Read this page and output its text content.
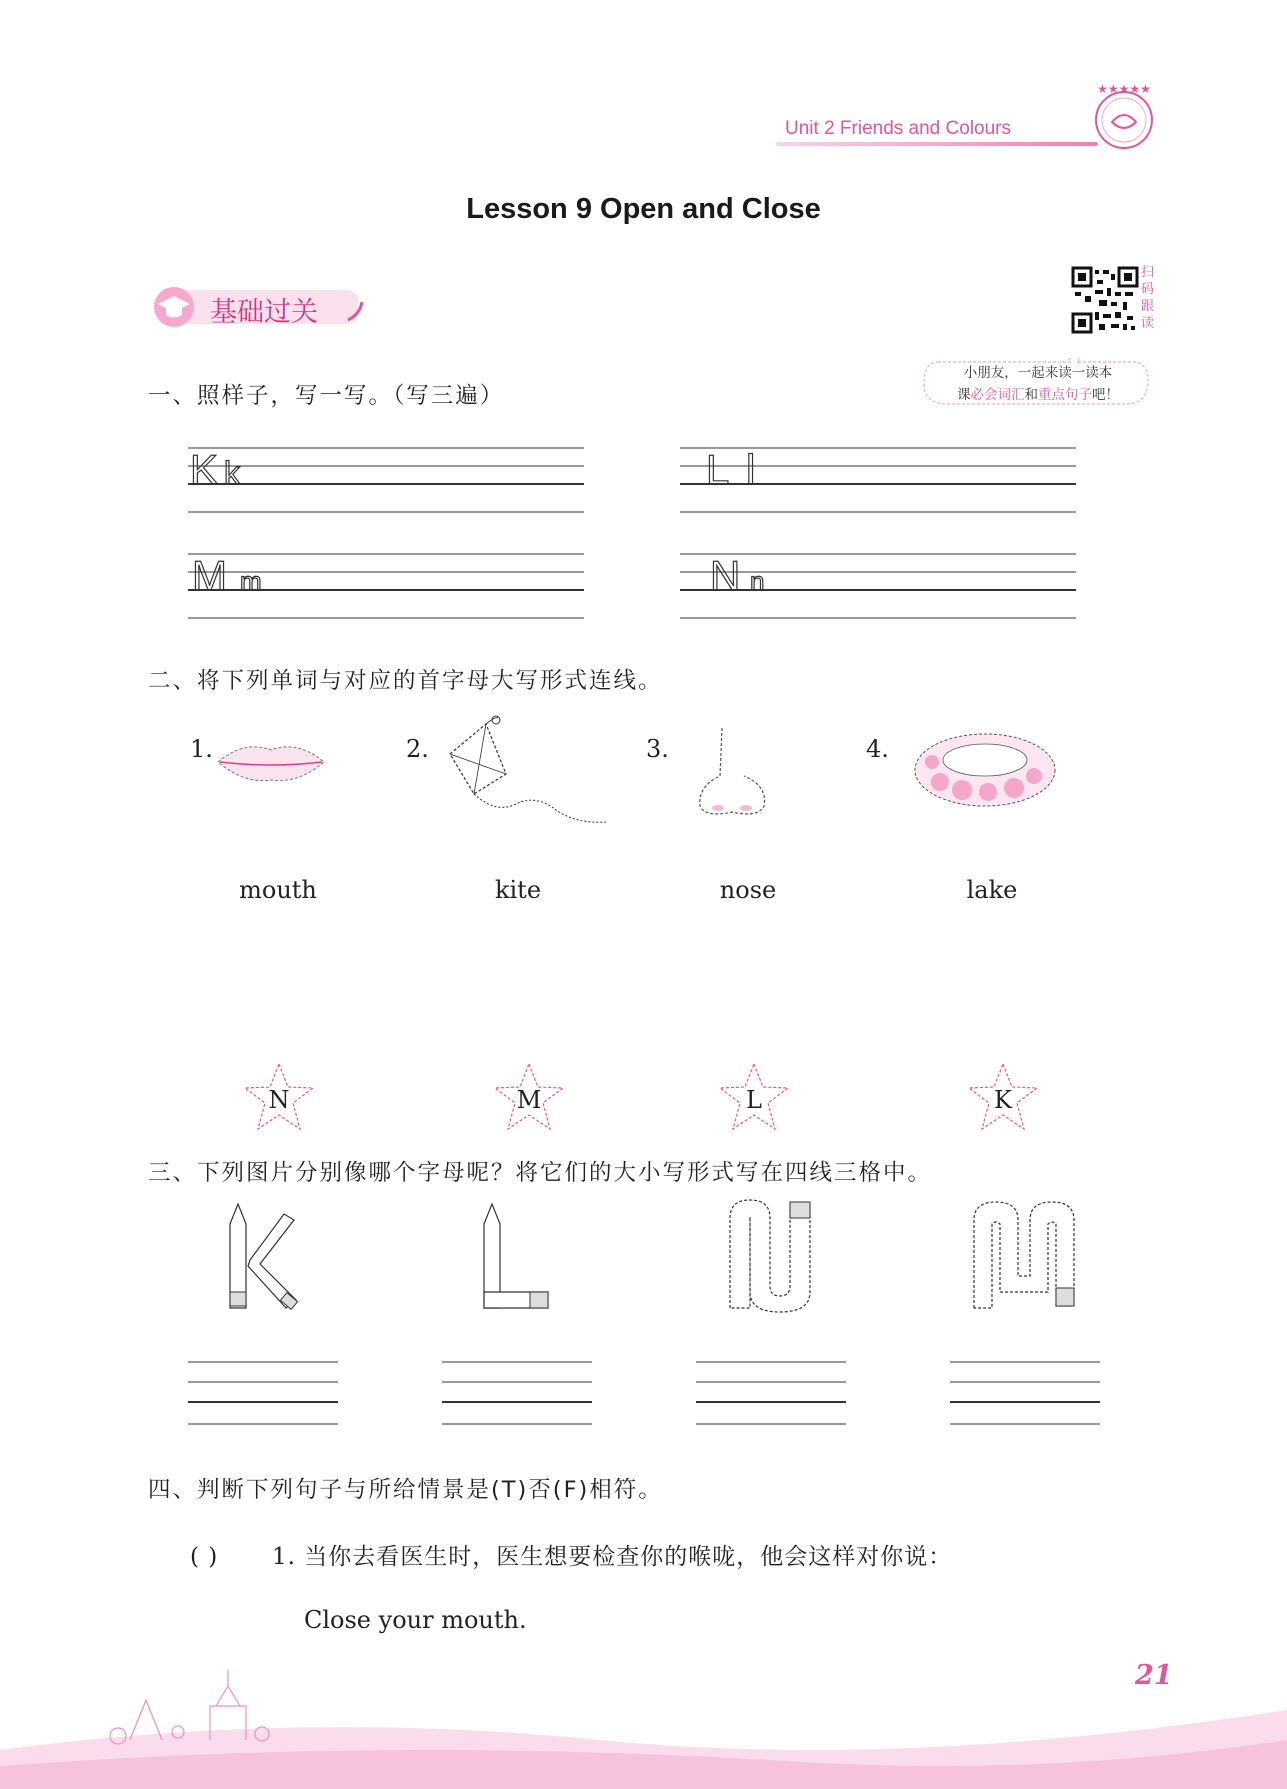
Unit 2 Friends and Colours
★★★★★
Lesson 9 Open and Close
基础过关
扫码跟读
小朋友，一起来读一读本
课必会词汇和重点句子吧！
一、照样子，写一写。（写三遍）
K k	L l
M m	N n
二、将下列单词与对应的首字母大写形式连线。
1.	2.	3.	4.
mouth	kite	nose	lake
N	M	L	K
三、下列图片分别像哪个字母呢？将它们的大小写形式写在四线三格中。
四、判断下列句子与所给情景是(T)否(F)相符。
( ) 1. 当你去看医生时，医生想要检查你的喉咙，他会这样对你说：
Close your mouth.
21
